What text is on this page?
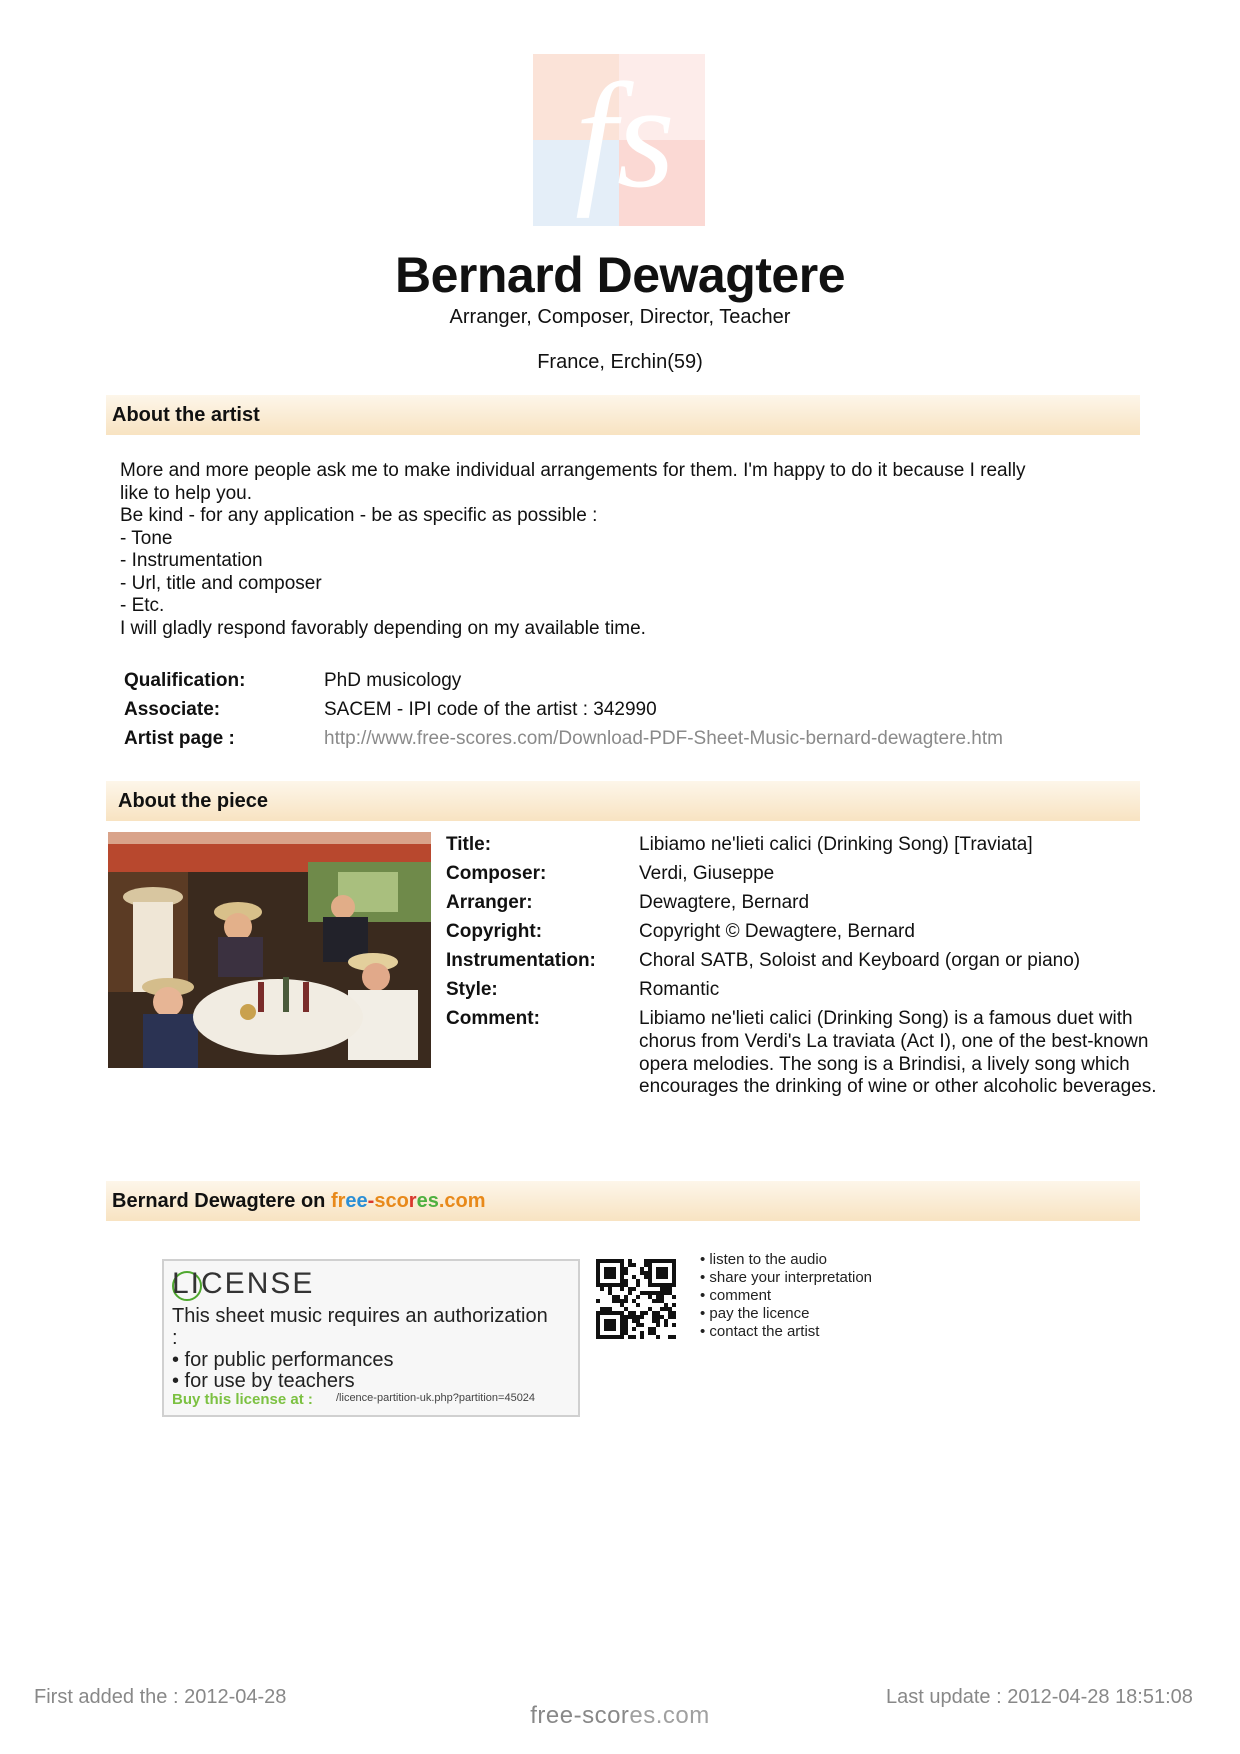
fs
Bernard Dewagtere
Arranger, Composer, Director, Teacher
France, Erchin(59)
About the artist
More and more people ask me to make individual arrangements for them. I'm happy to do it because I really
like to help you.
Be kind - for any application - be as specific as possible :
- Tone
- Instrumentation
- Url, title and composer
- Etc.
I will gladly respond favorably depending on my available time.
Qualification:	PhD musicology
Associate:	SACEM - IPI code of the artist : 342990
Artist page :	http://www.free-scores.com/Download-PDF-Sheet-Music-bernard-dewagtere.htm
About the piece
Title:	Libiamo ne'lieti calici (Drinking Song) [Traviata]
Composer:	Verdi, Giuseppe
Arranger:	Dewagtere, Bernard
Copyright:	Copyright © Dewagtere, Bernard
Instrumentation: Choral SATB, Soloist and Keyboard (organ or piano)
Style:	Romantic
Comment:	Libiamo ne'lieti calici (Drinking Song) is a famous duet with
chorus from Verdi's La traviata (Act I), one of the best-known
opera melodies. The song is a Brindisi, a lively song which
encourages the drinking of wine or other alcoholic beverages.
Bernard Dewagtere on free-scores.com
LICENSE
This sheet music requires an authorization
:
• for public performances
• for use by teachers
Buy this license at : /licence-partition-uk.php?partition=45024
• listen to the audio
• share your interpretation
• comment
• pay the licence
• contact the artist
First added the : 2012-04-28	Last update : 2012-04-28 18:51:08
free-scores.com
